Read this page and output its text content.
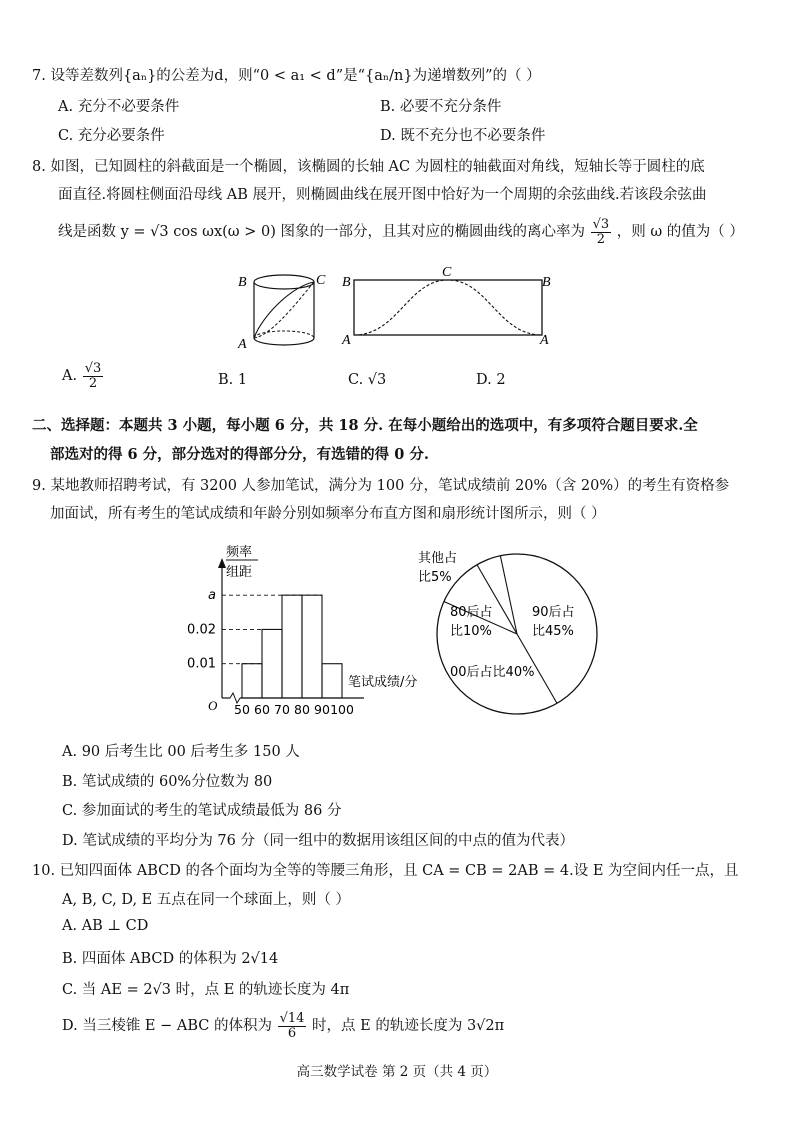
7. 设等差数列{aₙ}的公差为d，则“0 < a₁ < d”是“{aₙ/n}为递增数列”的（ ）
A. 充分不必要条件	B. 必要不充分条件
C. 充分必要条件	D. 既不充分也不必要条件
8. 如图，已知圆柱的斜截面是一个椭圆，该椭圆的长轴 AC 为圆柱的轴截面对角线，短轴长等于圆柱的底
面直径.将圆柱侧面沿母线 AB 展开，则椭圆曲线在展开图中恰好为一个周期的余弦曲线.若该段余弦曲
线是函数 y = √3 cos ωx(ω > 0) 图象的一部分，且其对应的椭圆曲线的离心率为 $\frac{√3}{2}$ ，则 ω 的值为（ ）
B	C
A
B	B
C
A	A
A. $\frac{√3}{2}$	B. 1	C. √3	D. 2
二、选择题：本题共 3 小题，每小题 6 分，共 18 分. 在每小题给出的选项中，有多项符合题目要求.全
部选对的得 6 分，部分选对的得部分分，有选错的得 0 分.
9. 某地教师招聘考试，有 3200 人参加笔试，满分为 100 分，笔试成绩前 20%（含 20%）的考生有资格参
加面试，所有考生的笔试成绩和年龄分别如频率分布直方图和扇形统计图所示，则（ ）
频率
组距
O
笔试成绩/分
0.01
0.02
a
50 60 70 80 90 100
其他占
比5%
80后占
比10%
90后占
比45%
00后占比40%
A. 90 后考生比 00 后考生多 150 人
B. 笔试成绩的 60%分位数为 80
C. 参加面试的考生的笔试成绩最低为 86 分
D. 笔试成绩的平均分为 76 分（同一组中的数据用该组区间的中点的值为代表）
10. 已知四面体 ABCD 的各个面均为全等的等腰三角形，且 CA = CB = 2AB = 4.设 E 为空间内任一点，且
A, B, C, D, E 五点在同一个球面上，则（ ）
A. AB ⊥ CD
B. 四面体 ABCD 的体积为 2√14
C. 当 AE = 2√3 时，点 E 的轨迹长度为 4π
D. 当三棱锥 E − ABC 的体积为 $\frac{√14}{6}$ 时，点 E 的轨迹长度为 3√2π
高三数学试卷 第 2 页（共 4 页）
